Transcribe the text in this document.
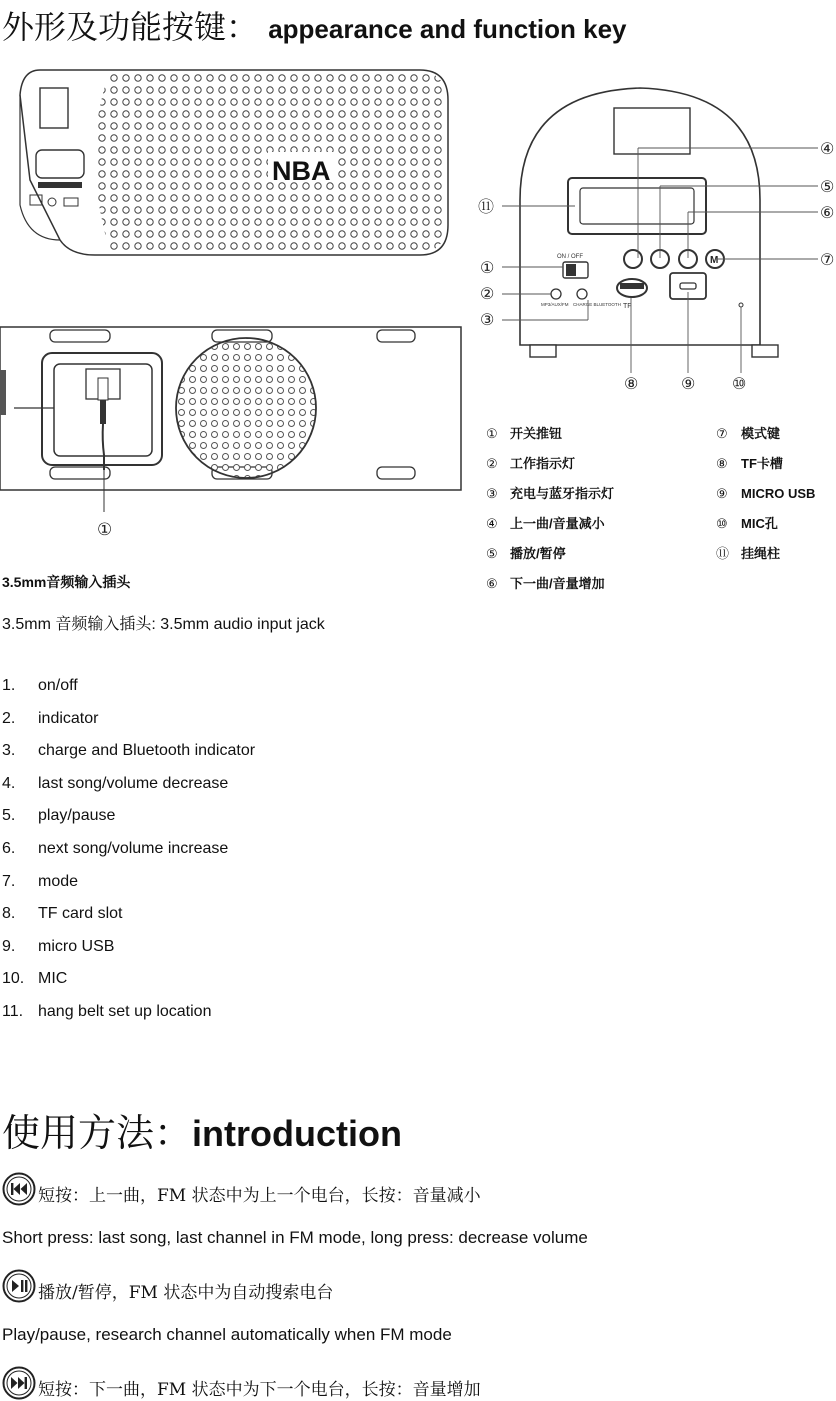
外形及功能按键： appearance and function key
NBA
①
M
ON / OFF
MP3/AUX/FM CHARGE BLUETOOTH TF
④
⑤
⑥
⑦
⑪
①
②
③
⑧	⑨ ⑩
① 开关推钮
② 工作指示灯
③ 充电与蓝牙指示灯
④ 上一曲/音量减小
⑤ 播放/暂停
⑥ 下一曲/音量增加
⑦ 模式键
⑧ TF卡槽
⑨ MICRO USB
⑩ MIC孔
⑪ 挂绳柱
3.5mm音频输入插头
3.5mm 音频输入插头: 3.5mm audio input jack
1.	on/off
2.	indicator
3.	charge and Bluetooth indicator
4.	last song/volume decrease
5.	play/pause
6.	next song/volume increase
7.	mode
8.	TF card slot
9.	micro USB
10. MIC
11. hang belt set up location
使用方法：introduction
短按：上一曲，FM 状态中为上一个电台，长按：音量减小
Short press: last song, last channel in FM mode, long press: decrease volume
播放/暂停，FM 状态中为自动搜索电台
Play/pause, research channel automatically when FM mode
短按：下一曲，FM 状态中为下一个电台，长按：音量增加
